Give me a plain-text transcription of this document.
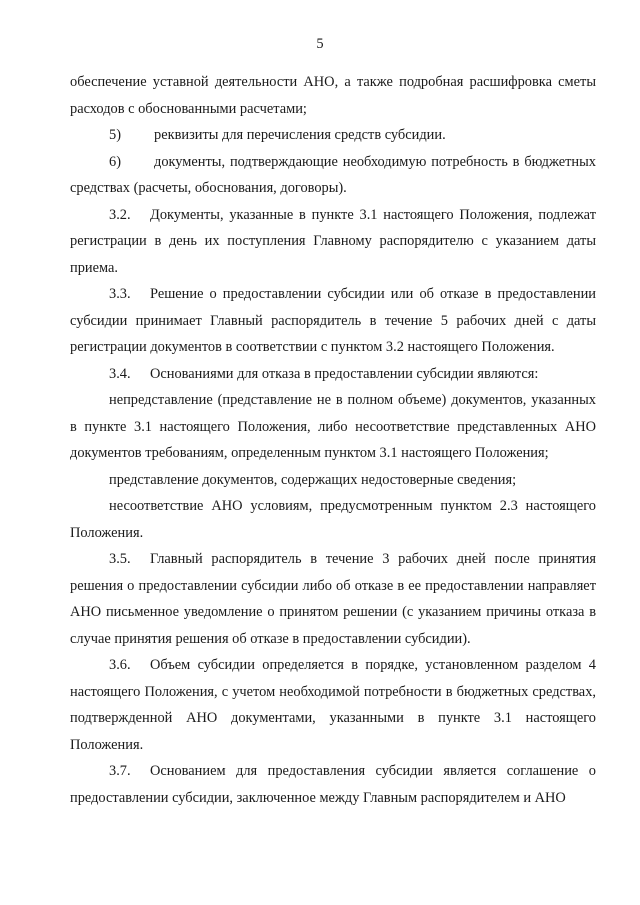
5

обеспечение уставной деятельности АНО, а также подробная расшифровка сметы расходов с обоснованными расчетами;

5) реквизиты для перечисления средств субсидии.

6) документы, подтверждающие необходимую потребность в бюджетных средствах (расчеты, обоснования, договоры).

3.2. Документы, указанные в пункте 3.1 настоящего Положения, подлежат регистрации в день их поступления Главному распорядителю с указанием даты приема.

3.3. Решение о предоставлении субсидии или об отказе в предоставлении субсидии принимает Главный распорядитель в течение 5 рабочих дней с даты регистрации документов в соответствии с пунктом 3.2 настоящего Положения.

3.4. Основаниями для отказа в предоставлении субсидии являются:

непредставление (представление не в полном объеме) документов, указанных в пункте 3.1 настоящего Положения, либо несоответствие представленных АНО документов требованиям, определенным пунктом 3.1 настоящего Положения;

представление документов, содержащих недостоверные сведения;

несоответствие АНО условиям, предусмотренным пунктом 2.3 настоящего Положения.

3.5. Главный распорядитель в течение 3 рабочих дней после принятия решения о предоставлении субсидии либо об отказе в ее предоставлении направляет АНО письменное уведомление о принятом решении (с указанием причины отказа в случае принятия решения об отказе в предоставлении субсидии).

3.6. Объем субсидии определяется в порядке, установленном разделом 4 настоящего Положения, с учетом необходимой потребности в бюджетных средствах, подтвержденной АНО документами, указанными в пункте 3.1 настоящего Положения.

3.7. Основанием для предоставления субсидии является соглашение о предоставлении субсидии, заключенное между Главным распорядителем и АНО
